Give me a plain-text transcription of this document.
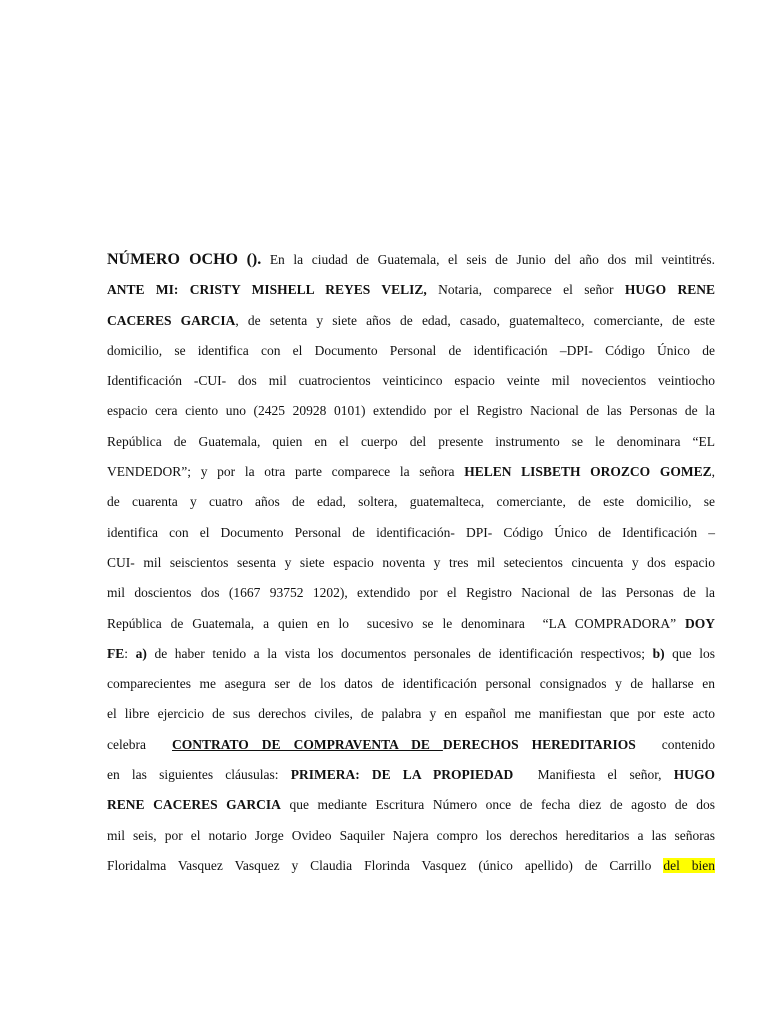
NÚMERO OCHO (). En la ciudad de Guatemala, el seis de Junio del año dos mil veintitrés.
ANTE MI: CRISTY MISHELL REYES VELIZ, Notaria, comparece el señor HUGO RENE
CACERES GARCIA, de setenta y siete años de edad, casado, guatemalteco, comerciante, de este
domicilio, se identifica con el Documento Personal de identificación –DPI- Código Único de
Identificación -CUI- dos mil cuatrocientos veinticinco espacio veinte mil novecientos veintiocho
espacio cera ciento uno (2425 20928 0101) extendido por el Registro Nacional de las Personas de la
República de Guatemala, quien en el cuerpo del presente instrumento se le denominara “EL
VENDEDOR”; y por la otra parte comparece la señora HELEN LISBETH OROZCO GOMEZ,
de cuarenta y cuatro años de edad, soltera, guatemalteca, comerciante, de este domicilio, se
identifica con el Documento Personal de identificación- DPI- Código Único de Identificación –
CUI- mil seiscientos sesenta y siete espacio noventa y tres mil setecientos cincuenta y dos espacio
mil doscientos dos (1667 93752 1202), extendido por el Registro Nacional de las Personas de la
República de Guatemala, a quien en lo  sucesivo se le denominara  “LA COMPRADORA” DOY
FE: a) de haber tenido a la vista los documentos personales de identificación respectivos; b) que los
comparecientes me asegura ser de los datos de identificación personal consignados y de hallarse en
el libre ejercicio de sus derechos civiles, de palabra y en español me manifiestan que por este acto
celebra  CONTRATO DE COMPRAVENTA DE DERECHOS HEREDITARIOS  contenido
en las siguientes cláusulas: PRIMERA: DE LA PROPIEDAD  Manifiesta el señor, HUGO
RENE CACERES GARCIA que mediante Escritura Número once de fecha diez de agosto de dos
mil seis, por el notario Jorge Ovideo Saquiler Najera compro los derechos hereditarios a las señoras
Floridalma Vasquez Vasquez y Claudia Florinda Vasquez (único apellido) de Carrillo del bien
